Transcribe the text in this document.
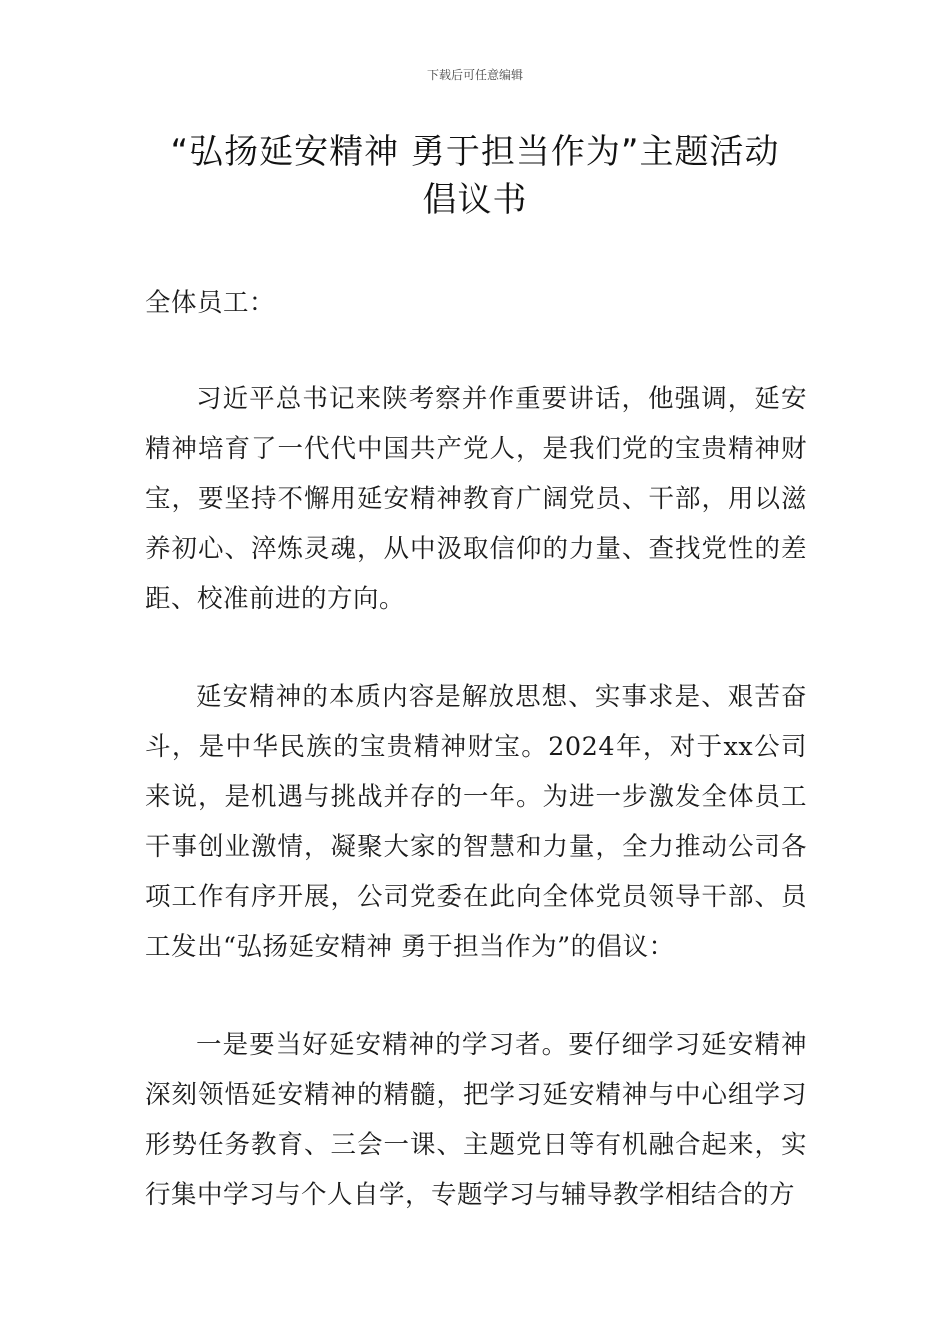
下载后可任意编辑
“弘扬延安精神 勇于担当作为”主题活动
倡议书

全体员工：

习近平总书记来陕考察并作重要讲话，他强调，延安精神培育了一代代中国共产党人，是我们党的宝贵精神财宝，要坚持不懈用延安精神教育广阔党员、干部，用以滋养初心、淬炼灵魂，从中汲取信仰的力量、查找党性的差距、校准前进的方向。

延安精神的本质内容是解放思想、实事求是、艰苦奋斗，是中华民族的宝贵精神财宝。2024年，对于xx公司来说，是机遇与挑战并存的一年。为进一步激发全体员工干事创业激情，凝聚大家的智慧和力量，全力推动公司各项工作有序开展，公司党委在此向全体党员领导干部、员工发出“弘扬延安精神 勇于担当作为”的倡议：

一是要当好延安精神的学习者。要仔细学习延安精神深刻领悟延安精神的精髓，把学习延安精神与中心组学习形势任务教育、三会一课、主题党日等有机融合起来，实行集中学习与个人自学，专题学习与辅导教学相结合的方
